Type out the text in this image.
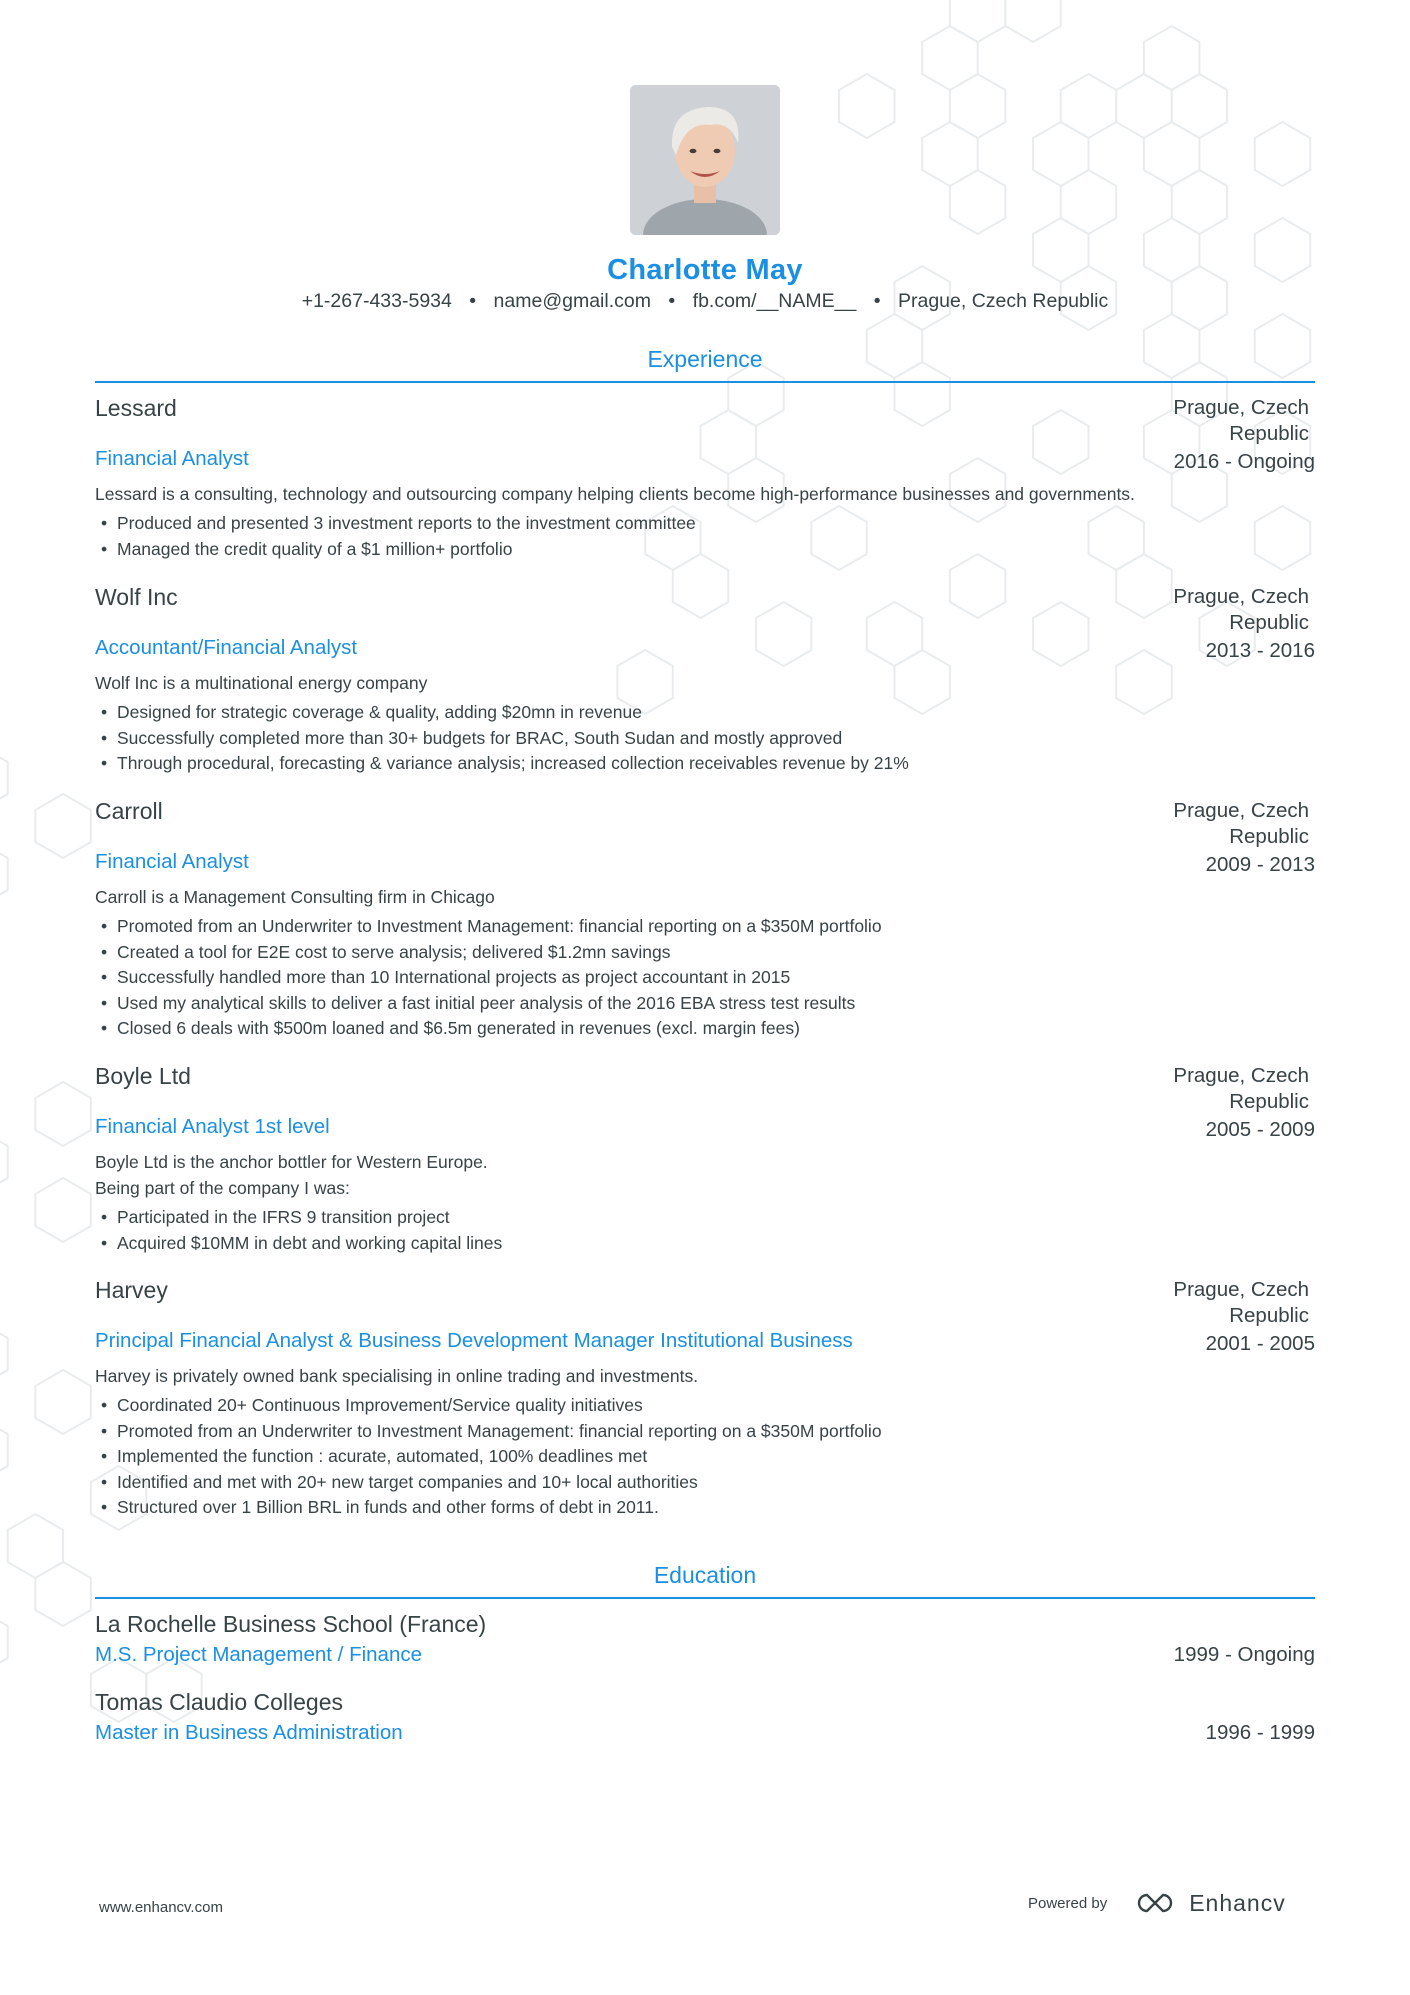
Charlotte May
+1-267-433-5934 • name@gmail.com • fb.com/__NAME__ • Prague, Czech Republic
Experience
Lessard	Prague, Czech Republic
2016 - Ongoing
Financial Analyst
Lessard is a consulting, technology and outsourcing company helping clients become high-performance businesses and governments.
• Produced and presented 3 investment reports to the investment committee
• Managed the credit quality of a $1 million+ portfolio
Wolf Inc	Prague, Czech Republic
2013 - 2016
Accountant/Financial Analyst
Wolf Inc is a multinational energy company
• Designed for strategic coverage & quality, adding $20mn in revenue
• Successfully completed more than 30+ budgets for BRAC, South Sudan and mostly approved
• Through procedural, forecasting & variance analysis; increased collection receivables revenue by 21%
Carroll	Prague, Czech Republic
2009 - 2013
Financial Analyst
Carroll is a Management Consulting firm in Chicago
• Promoted from an Underwriter to Investment Management: financial reporting on a $350M portfolio
• Created a tool for E2E cost to serve analysis; delivered $1.2mn savings
• Successfully handled more than 10 International projects as project accountant in 2015
• Used my analytical skills to deliver a fast initial peer analysis of the 2016 EBA stress test results
• Closed 6 deals with $500m loaned and $6.5m generated in revenues (excl. margin fees)
Boyle Ltd	Prague, Czech Republic
2005 - 2009
Financial Analyst 1st level
Boyle Ltd is the anchor bottler for Western Europe.
Being part of the company I was:
• Participated in the IFRS 9 transition project
• Acquired $10MM in debt and working capital lines
Harvey	Prague, Czech Republic
2001 - 2005
Principal Financial Analyst & Business Development Manager Institutional Business
Harvey is privately owned bank specialising in online trading and investments.
• Coordinated 20+ Continuous Improvement/Service quality initiatives
• Promoted from an Underwriter to Investment Management: financial reporting on a $350M portfolio
• Implemented the function : acurate, automated, 100% deadlines met
• Identified and met with 20+ new target companies and 10+ local authorities
• Structured over 1 Billion BRL in funds and other forms of debt in 2011.
Education
La Rochelle Business School (France)
M.S. Project Management / Finance	1999 - Ongoing
Tomas Claudio Colleges
Master in Business Administration	1996 - 1999
www.enhancv.com	Powered by	Enhancv
